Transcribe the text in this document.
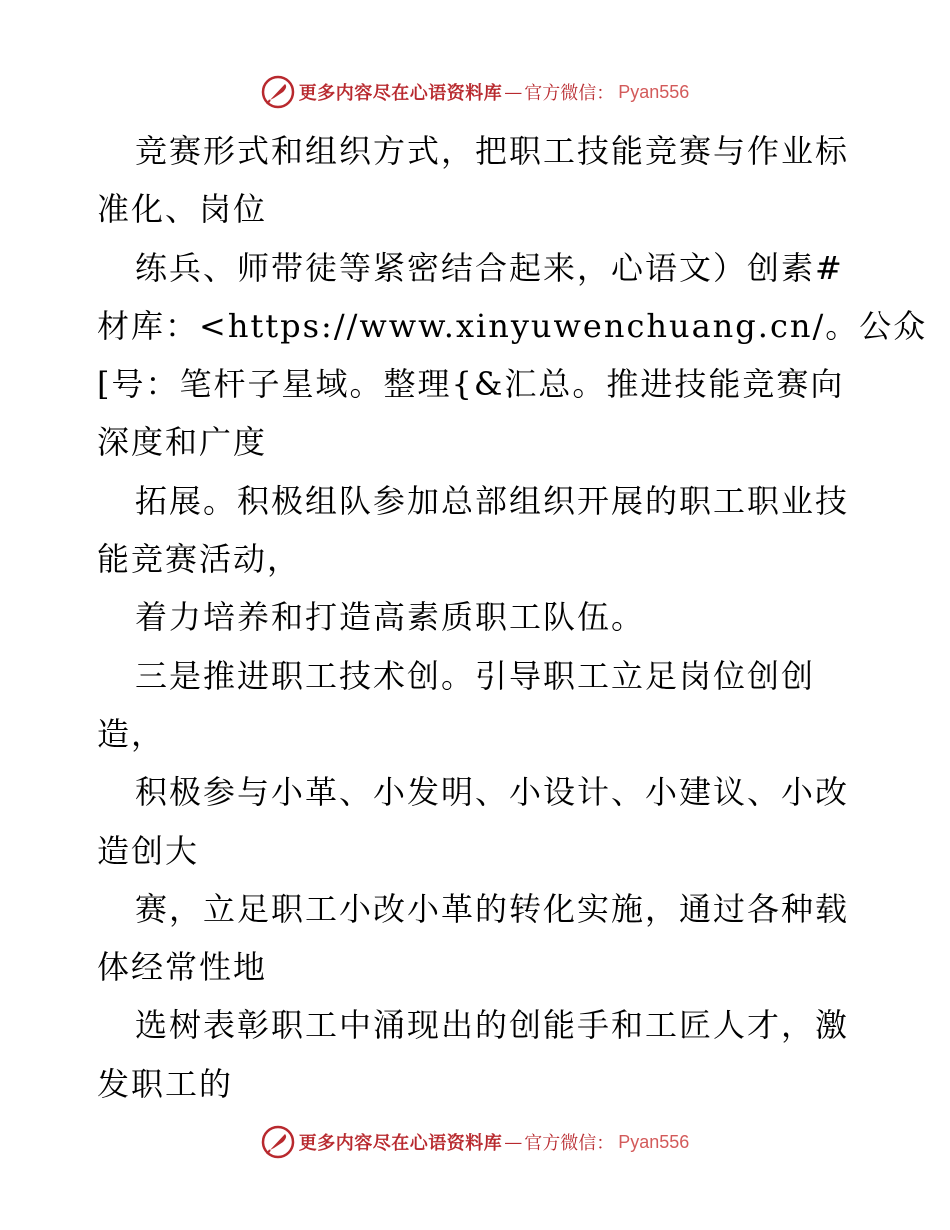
更多内容尽在心语资料库 — 官方微信： Pyan556
竞赛形式和组织方式，把职工技能竞赛与作业标
准化、岗位
练兵、师带徒等紧密结合起来，心语文）创素#
材库：<https://www.xinyuwenchuang.cn/。公众
[号：笔杆子星域。整理{&汇总。推进技能竞赛向
深度和广度
拓展。积极组队参加总部组织开展的职工职业技
能竞赛活动，
着力培养和打造高素质职工队伍。
三是推进职工技术创。引导职工立足岗位创创
造，
积极参与小革、小发明、小设计、小建议、小改
造创大
赛，立足职工小改小革的转化实施，通过各种载
体经常性地
选树表彰职工中涌现出的创能手和工匠人才，激
发职工的
更多内容尽在心语资料库 — 官方微信： Pyan556
